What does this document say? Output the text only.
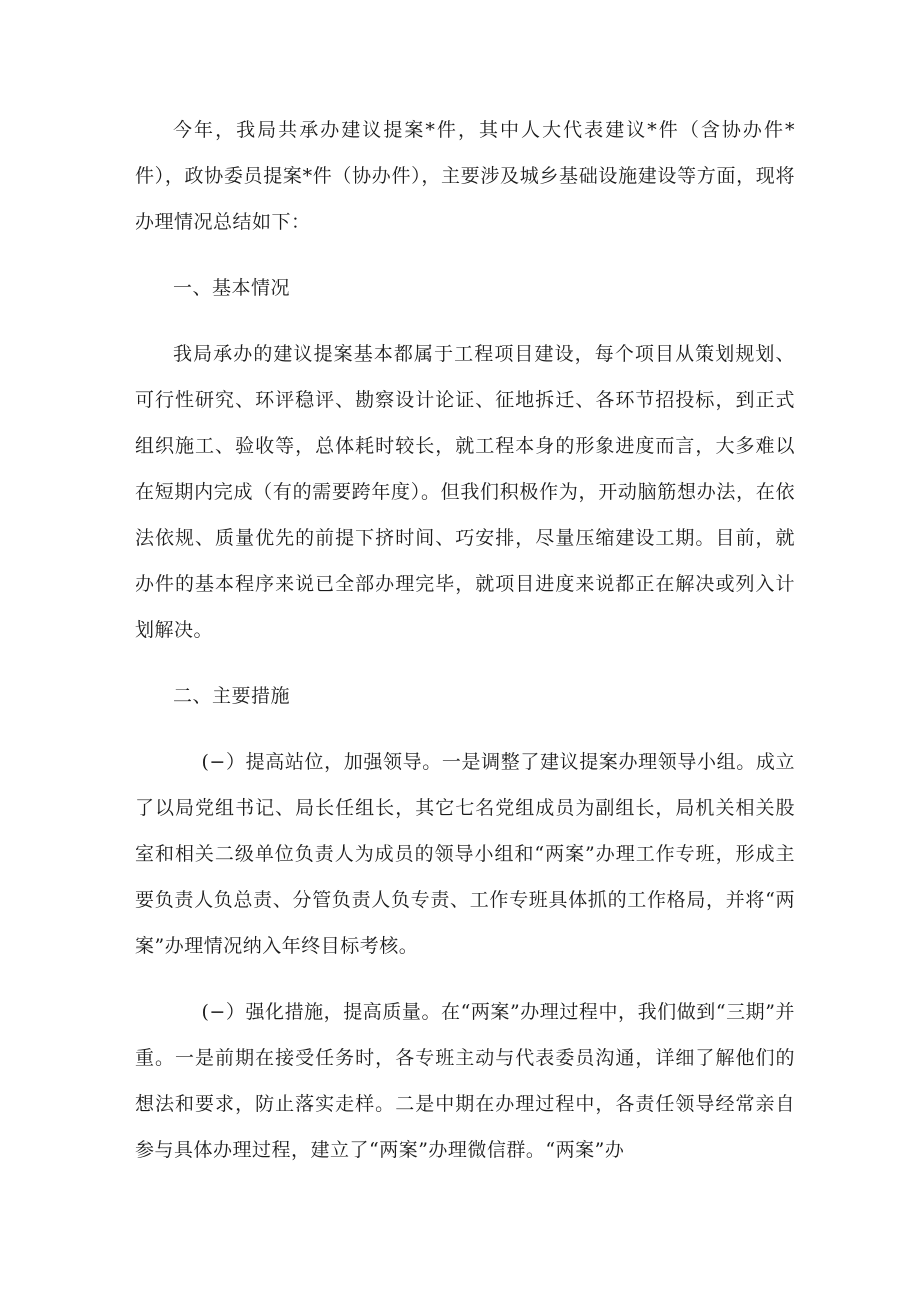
今年，我局共承办建议提案*件，其中人大代表建议*件（含协办件*件），政协委员提案*件（协办件），主要涉及城乡基础设施建设等方面，现将办理情况总结如下：

一、基本情况

我局承办的建议提案基本都属于工程项目建设，每个项目从策划规划、可行性研究、环评稳评、勘察设计论证、征地拆迁、各环节招投标，到正式组织施工、验收等，总体耗时较长，就工程本身的形象进度而言，大多难以在短期内完成（有的需要跨年度）。但我们积极作为，开动脑筋想办法，在依法依规、质量优先的前提下挤时间、巧安排，尽量压缩建设工期。目前，就办件的基本程序来说已全部办理完毕，就项目进度来说都正在解决或列入计划解决。

二、主要措施

(−）提高站位，加强领导。一是调整了建议提案办理领导小组。成立了以局党组书记、局长任组长，其它七名党组成员为副组长，局机关相关股室和相关二级单位负责人为成员的领导小组和“两案”办理工作专班，形成主要负责人负总责、分管负责人负专责、工作专班具体抓的工作格局，并将“两案”办理情况纳入年终目标考核。

(−）强化措施，提高质量。在“两案”办理过程中，我们做到“三期”并重。一是前期在接受任务时，各专班主动与代表委员沟通，详细了解他们的想法和要求，防止落实走样。二是中期在办理过程中，各责任领导经常亲自参与具体办理过程，建立了“两案”办理微信群。“两案”办
